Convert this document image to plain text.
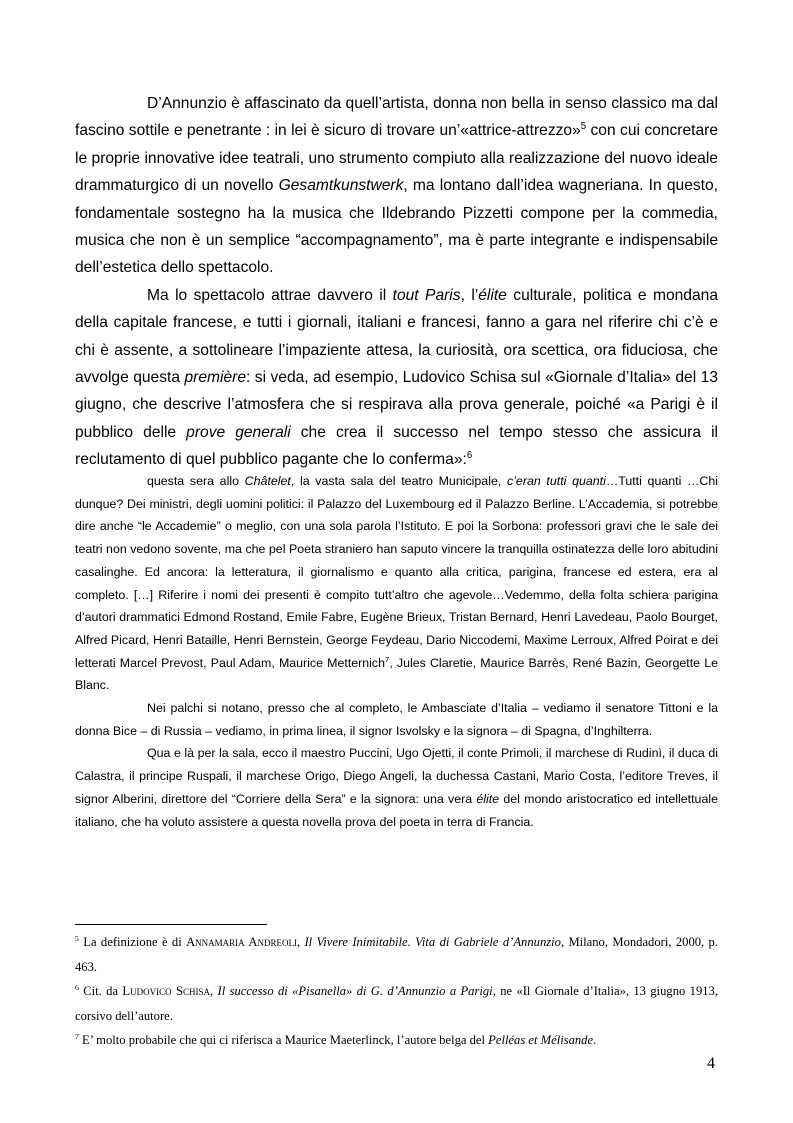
D’Annunzio è affascinato da quell’artista, donna non bella in senso classico ma dal fascino sottile e penetrante : in lei è sicuro di trovare un’«attrice-attrezzo»$^5$ con cui concretare le proprie innovative idee teatrali, uno strumento compiuto alla realizzazione del nuovo ideale drammaturgico di un novello Gesamtkunstwerk, ma lontano dall’idea wagneriana. In questo, fondamentale sostegno ha la musica che Ildebrando Pizzetti compone per la commedia, musica che non è un semplice “accompagnamento”, ma è parte integrante e indispensabile dell’estetica dello spettacolo.

Ma lo spettacolo attrae davvero il tout Paris, l’élite culturale, politica e mondana della capitale francese, e tutti i giornali, italiani e francesi, fanno a gara nel riferire chi c’è e chi è assente, a sottolineare l’impaziente attesa, la curiosità, ora scettica, ora fiduciosa, che avvolge questa première: si veda, ad esempio, Ludovico Schisa sul «Giornale d’Italia» del 13 giugno, che descrive l’atmosfera che si respirava alla prova generale, poiché «a Parigi è il pubblico delle prove generali che crea il successo nel tempo stesso che assicura il reclutamento di quel pubblico pagante che lo conferma»:$^6$

questa sera allo Châtelet, la vasta sala del teatro Municipale, c’eran tutti quanti…Tutti quanti …Chi dunque? Dei ministri, degli uomini politici: il Palazzo del Luxembourg ed il Palazzo Berline. L’Accademia, si potrebbe dire anche “le Accademie” o meglio, con una sola parola l’Istituto. E poi la Sorbona: professori gravi che le sale dei teatri non vedono sovente, ma che pel Poeta straniero han saputo vincere la tranquilla ostinatezza delle loro abitudini casalinghe. Ed ancora: la letteratura, il giornalismo e quanto alla critica, parigina, francese ed estera, era al completo. […] Riferire i nomi dei presenti è compito tutt’altro che agevole…Vedemmo, della folta schiera parigina d’autori drammatici Edmond Rostand, Emile Fabre, Eugène Brieux, Tristan Bernard, Henri Lavedeau, Paolo Bourget, Alfred Picard, Henri Bataille, Henri Bernstein, George Feydeau, Dario Niccodemi, Maxime Lerroux, Alfred Poirat e dei letterati Marcel Prevost, Paul Adam, Maurice Metternich$^7$, Jules Claretie, Maurice Barrès, René Bazin, Georgette Le Blanc.

Nei palchi si notano, presso che al completo, le Ambasciate d’Italia – vediamo il senatore Tittoni e la donna Bice – di Russia – vediamo, in prima linea, il signor Isvolsky e la signora – di Spagna, d’Inghilterra.

Qua e là per la sala, ecco il maestro Puccini, Ugo Ojetti, il conte Primoli, il marchese di Rudinì, il duca di Calastra, il principe Ruspali, il marchese Origo, Diego Angeli, la duchessa Castani, Mario Costa, l’editore Treves, il signor Alberini, direttore del “Corriere della Sera” e la signora: una vera élite del mondo aristocratico ed intellettuale italiano, che ha voluto assistere a questa novella prova del poeta in terra di Francia.

$^5$ La definizione è di Annamaria Andreoli, Il Vivere Inimitabile. Vita di Gabriele d’Annunzio, Milano, Mondadori, 2000, p. 463.

$^6$ Cit. da Ludovico Schisa, Il successo di «Pisanella» di G. d’Annunzio a Parigi, ne «Il Giornale d’Italia», 13 giugno 1913, corsivo dell’autore.

$^7$ E’ molto probabile che qui ci riferisca a Maurice Maeterlinck, l’autore belga del Pelléas et Mélisande.

4
